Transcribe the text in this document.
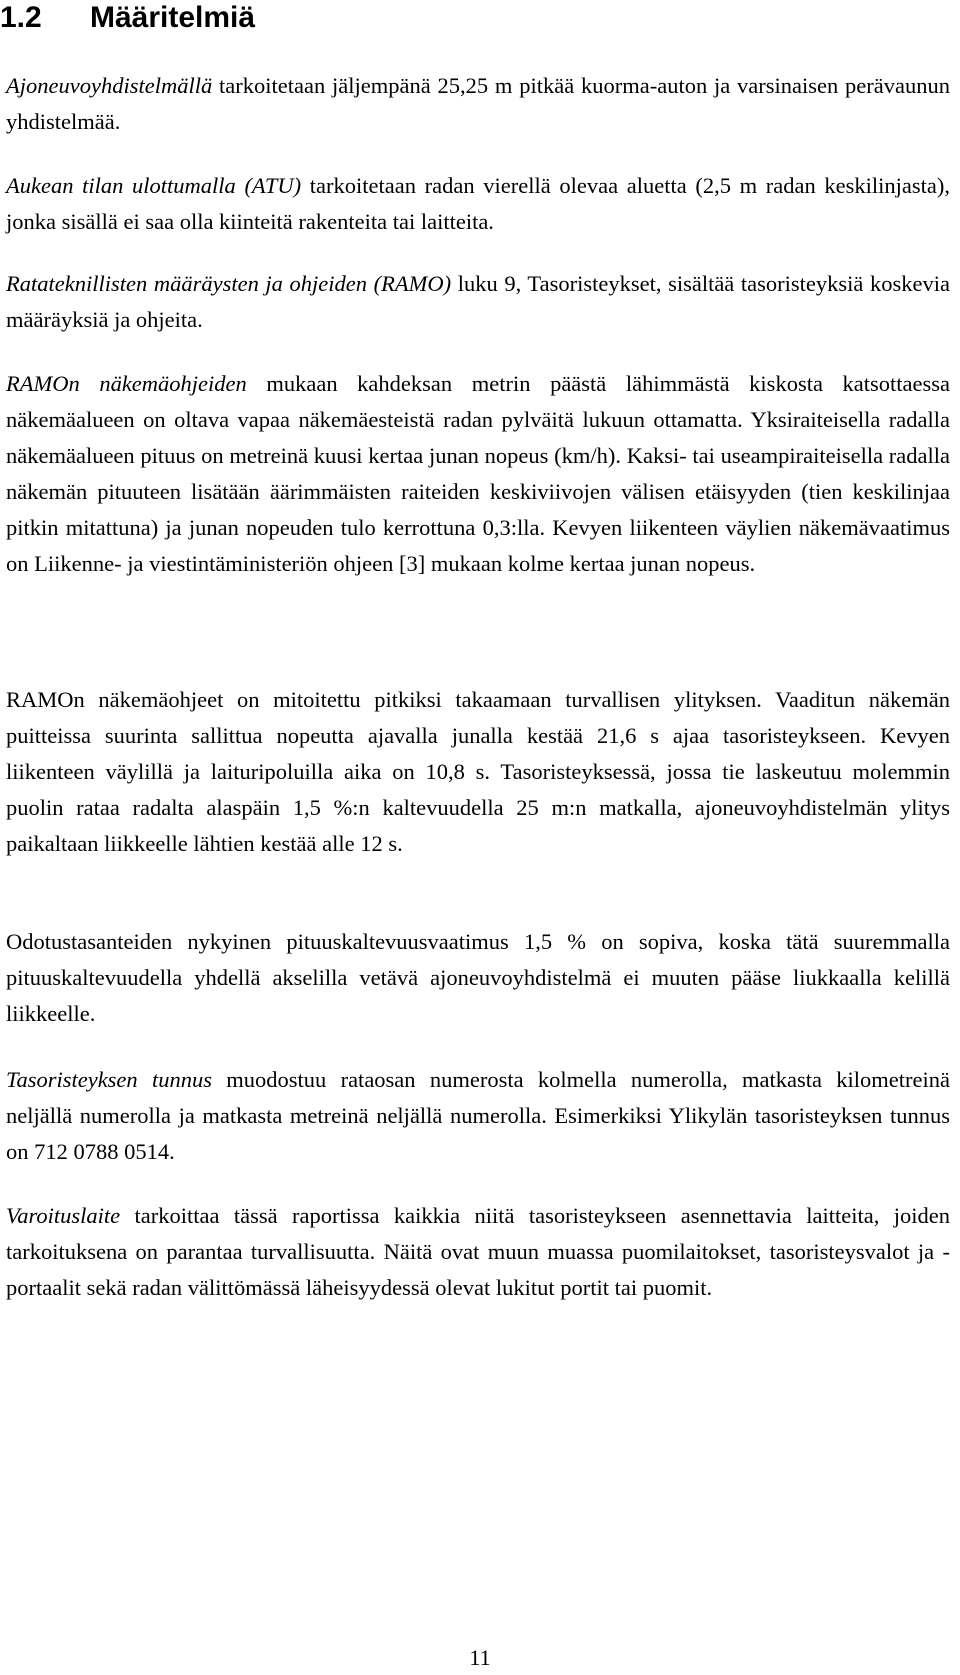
1.2 Määritelmiä

Ajoneuvoyhdistelmällä tarkoitetaan jäljempänä 25,25 m pitkää kuorma-auton ja varsinaisen perävaunun yhdistelmää.

Aukean tilan ulottumalla (ATU) tarkoitetaan radan vierellä olevaa aluetta (2,5 m radan keskilinjasta), jonka sisällä ei saa olla kiinteitä rakenteita tai laitteita.

Ratateknillisten määräysten ja ohjeiden (RAMO) luku 9, Tasoristeykset, sisältää tasoristeyksiä koskevia määräyksiä ja ohjeita.

RAMOn näkemäohjeiden mukaan kahdeksan metrin päästä lähimmästä kiskosta katsottaessa näkemäalueen on oltava vapaa näkemäesteistä radan pylväitä lukuun ottamatta. Yksiraiteisella radalla näkemäalueen pituus on metreinä kuusi kertaa junan nopeus (km/h). Kaksi- tai useampiraiteisella radalla näkemän pituuteen lisätään äärimmäisten raiteiden keskiviivojen välisen etäisyyden (tien keskilinjaa pitkin mitattuna) ja junan nopeuden tulo kerrottuna 0,3:lla. Kevyen liikenteen väylien näkemävaatimus on Liikenne- ja viestintäministeriön ohjeen [3] mukaan kolme kertaa junan nopeus.

RAMOn näkemäohjeet on mitoitettu pitkiksi takaamaan turvallisen ylityksen. Vaaditun näkemän puitteissa suurinta sallittua nopeutta ajavalla junalla kestää 21,6 s ajaa tasoristeykseen. Kevyen liikenteen väylillä ja laituripoluilla aika on 10,8 s. Tasoristeyksessä, jossa tie laskeutuu molemmin puolin rataa radalta alaspäin 1,5 %:n kaltevuudella 25 m:n matkalla, ajoneuvoyhdistelmän ylitys paikaltaan liikkeelle lähtien kestää alle 12 s.

Odotustasanteiden nykyinen pituuskaltevuusvaatimus 1,5 % on sopiva, koska tätä suuremmalla pituuskaltevuudella yhdellä akselilla vetävä ajoneuvoyhdistelmä ei muuten pääse liukkaalla kelillä liikkeelle.

Tasoristeyksen tunnus muodostuu rataosan numerosta kolmella numerolla, matkasta kilometreinä neljällä numerolla ja matkasta metreinä neljällä numerolla. Esimerkiksi Ylikylän tasoristeyksen tunnus on 712 0788 0514.

Varoituslaite tarkoittaa tässä raportissa kaikkia niitä tasoristeykseen asennettavia laitteita, joiden tarkoituksena on parantaa turvallisuutta. Näitä ovat muun muassa puomilaitokset, tasoristeysvalot ja -portaalit sekä radan välittömässä läheisyydessä olevat lukitut portit tai puomit.

11
